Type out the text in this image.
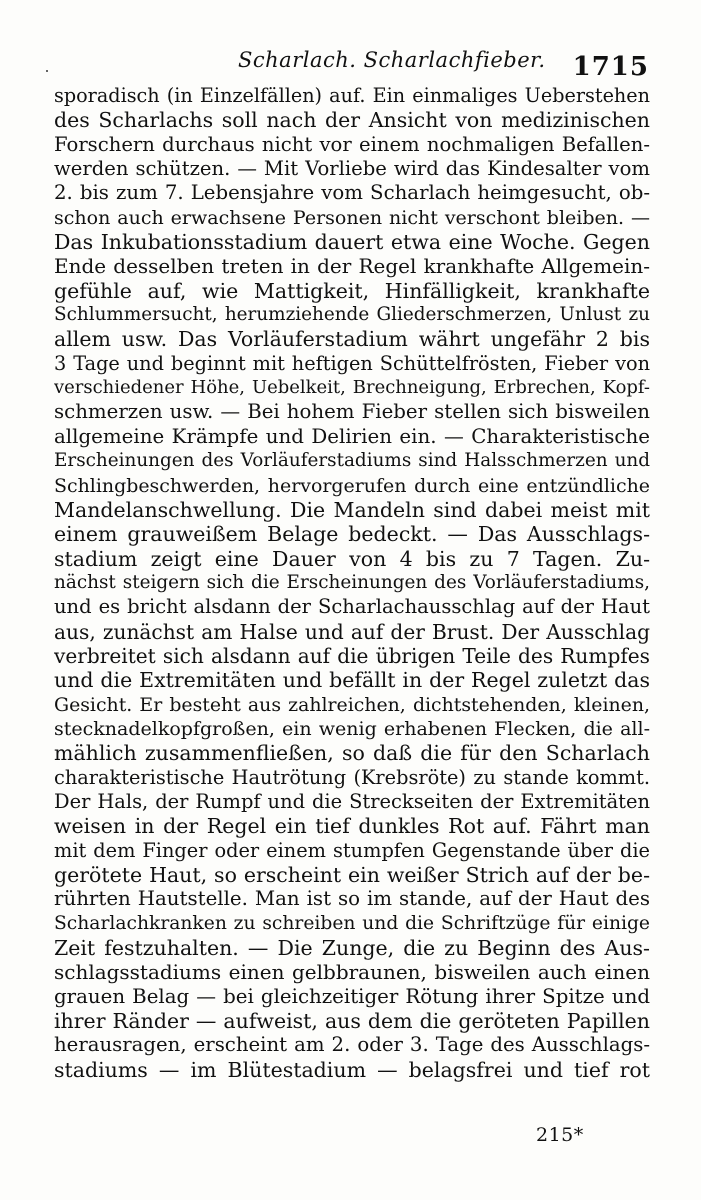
Scharlach. Scharlachfieber. 1715
sporadisch (in Einzelfällen) auf. Ein einmaliges Ueberstehen
des Scharlachs soll nach der Ansicht von medizinischen
Forschern durchaus nicht vor einem nochmaligen Befallen-
werden schützen. — Mit Vorliebe wird das Kindesalter vom
2. bis zum 7. Lebensjahre vom Scharlach heimgesucht, ob-
schon auch erwachsene Personen nicht verschont bleiben. —
Das Inkubationsstadium dauert etwa eine Woche. Gegen
Ende desselben treten in der Regel krankhafte Allgemein-
gefühle auf, wie Mattigkeit, Hinfälligkeit, krankhafte
Schlummersucht, herumziehende Gliederschmerzen, Unlust zu
allem usw. Das Vorläuferstadium währt ungefähr 2 bis
3 Tage und beginnt mit heftigen Schüttelfrösten, Fieber von
verschiedener Höhe, Uebelkeit, Brechneigung, Erbrechen, Kopf-
schmerzen usw. — Bei hohem Fieber stellen sich bisweilen
allgemeine Krämpfe und Delirien ein. — Charakteristische
Erscheinungen des Vorläuferstadiums sind Halsschmerzen und
Schlingbeschwerden, hervorgerufen durch eine entzündliche
Mandelanschwellung. Die Mandeln sind dabei meist mit
einem grauweißem Belage bedeckt. — Das Ausschlags-
stadium zeigt eine Dauer von 4 bis zu 7 Tagen. Zu-
nächst steigern sich die Erscheinungen des Vorläuferstadiums,
und es bricht alsdann der Scharlachausschlag auf der Haut
aus, zunächst am Halse und auf der Brust. Der Ausschlag
verbreitet sich alsdann auf die übrigen Teile des Rumpfes
und die Extremitäten und befällt in der Regel zuletzt das
Gesicht. Er besteht aus zahlreichen, dichtstehenden, kleinen,
stecknadelkopfgroßen, ein wenig erhabenen Flecken, die all-
mählich zusammenfließen, so daß die für den Scharlach
charakteristische Hautrötung (Krebsröte) zu stande kommt.
Der Hals, der Rumpf und die Streckseiten der Extremitäten
weisen in der Regel ein tief dunkles Rot auf. Fährt man
mit dem Finger oder einem stumpfen Gegenstande über die
gerötete Haut, so erscheint ein weißer Strich auf der be-
rührten Hautstelle. Man ist so im stande, auf der Haut des
Scharlachkranken zu schreiben und die Schriftzüge für einige
Zeit festzuhalten. — Die Zunge, die zu Beginn des Aus-
schlagsstadiums einen gelbbraunen, bisweilen auch einen
grauen Belag — bei gleichzeitiger Rötung ihrer Spitze und
ihrer Ränder — aufweist, aus dem die geröteten Papillen
herausragen, erscheint am 2. oder 3. Tage des Ausschlags-
stadiums — im Blütestadium — belagsfrei und tief rot
215*
